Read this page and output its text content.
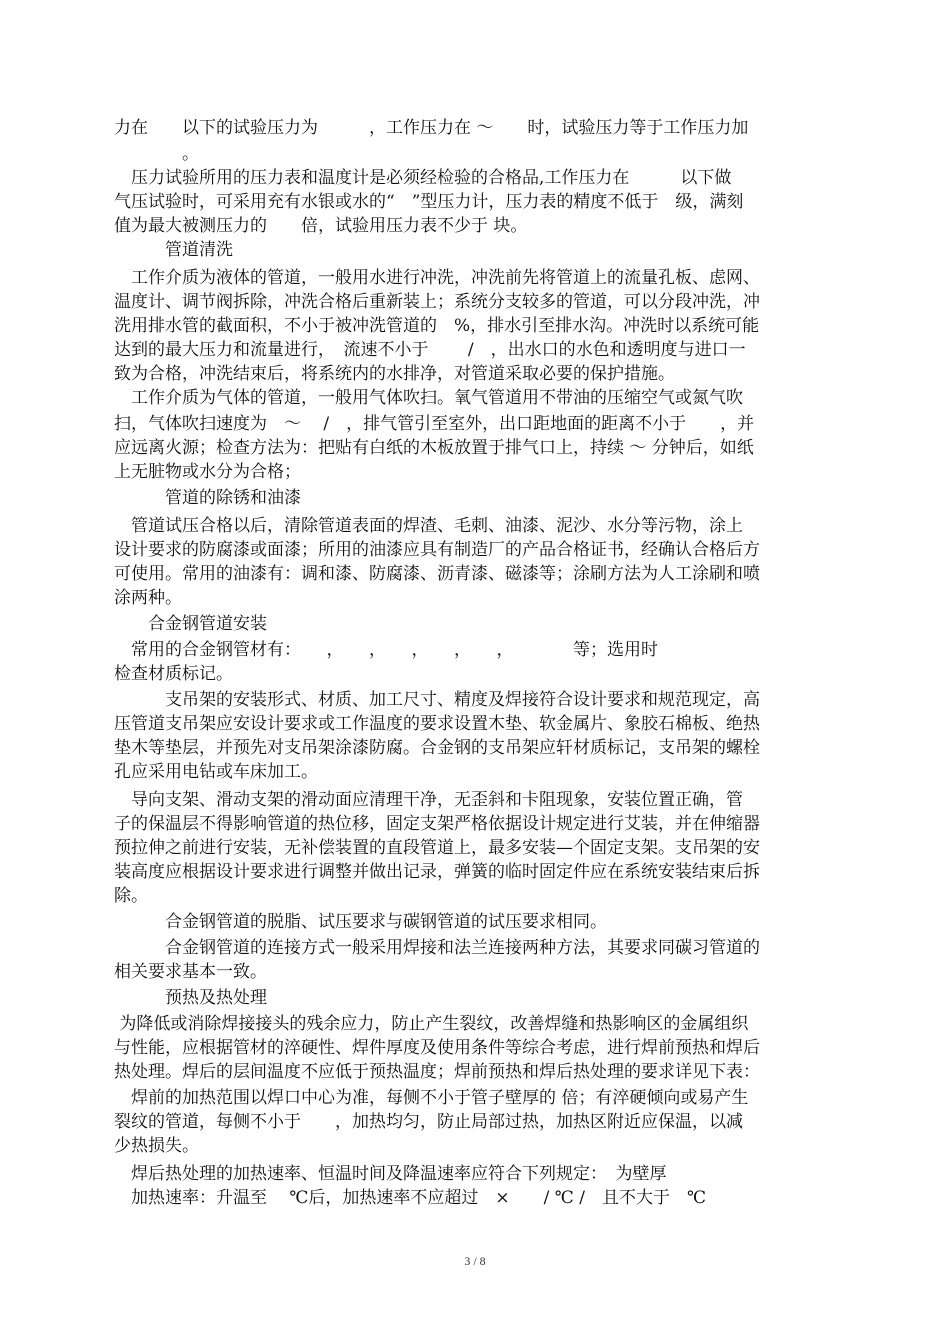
力在　　以下的试验压力为　　　，工作压力在 ～　　时，试验压力等于工作压力加
　　　　。
　压力试验所用的压力表和温度计是必须经检验的合格品,工作压力在　　　以下做
气压试验时，可采用充有水银或水的“　”型压力计，压力表的精度不低于　级，满刻
值为最大被测压力的　　倍，试验用压力表不少于 块。
　　　管道清洗
　工作介质为液体的管道，一般用水进行冲洗，冲洗前先将管道上的流量孔板、虑网、
温度计、调节阀拆除，冲洗合格后重新装上；系统分支较多的管道，可以分段冲洗，冲
洗用排水管的截面积，不小于被冲洗管道的　%，排水引至排水沟。冲洗时以系统可能
达到的最大压力和流量进行，　流速不小于　　 /　，出水口的水色和透明度与进口一
致为合格，冲洗结束后，将系统内的水排净，对管道采取必要的保护措施。
　工作介质为气体的管道，一般用气体吹扫。氧气管道用不带油的压缩空气或氮气吹
扫，气体吹扫速度为　～　 /　，排气管引至室外，出口距地面的距离不小于　　，并
应远离火源；检查方法为：把贴有白纸的木板放置于排气口上，持续 ～ 分钟后，如纸
上无脏物或水分为合格；
　　　管道的除锈和油漆
　管道试压合格以后，清除管道表面的焊渣、毛刺、油漆、泥沙、水分等污物，涂上
设计要求的防腐漆或面漆；所用的油漆应具有制造厂的产品合格证书，经确认合格后方
可使用。常用的油漆有：调和漆、防腐漆、沥青漆、磁漆等；涂刷方法为人工涂刷和喷
涂两种。
　　合金钢管道安装
　常用的合金钢管材有：　　，　　，　　，　　，　　，　　　　等；选用时
检查材质标记。
　　　支吊架的安装形式、材质、加工尺寸、精度及焊接符合设计要求和规范现定，高
压管道支吊架应安设计要求或工作温度的要求设置木垫、软金属片、象胶石棉板、绝热
垫木等垫层，并预先对支吊架涂漆防腐。合金钢的支吊架应轩材质标记，支吊架的螺栓
孔应采用电钻或车床加工。
　导向支架、滑动支架的滑动面应清理干净，无歪斜和卡阻现象，安装位置正确，管
子的保温层不得影响管道的热位移，固定支架严格依据设计规定进行艾装，并在伸缩器
预拉伸之前进行安装，无补偿装置的直段管道上，最多安装—个固定支架。支吊架的安
装高度应根据设计要求进行调整并做出记录，弹簧的临时固定件应在系统安装结束后拆
除。
　　　合金钢管道的脱脂、试压要求与碳钢管道的试压要求相同。
　　　合金钢管道的连接方式一般采用焊接和法兰连接两种方法，其要求同碳习管道的
相关要求基本一致。
　　　预热及热处理
为降低或消除焊接接头的残余应力，防止产生裂纹，改善焊缝和热影响区的金属组织
与性能，应根据管材的淬硬性、焊件厚度及使用条件等综合考虑，进行焊前预热和焊后
热处理。焊后的层间温度不应低于预热温度；焊前预热和焊后热处理的要求详见下表：
　焊前的加热范围以焊口中心为准，每侧不小于管子壁厚的 倍；有淬硬倾向或易产生
裂纹的管道，每侧不小于　　，加热均匀，防止局部过热，加热区附近应保温，以减
少热损失。
　焊后热处理的加热速率、恒温时间及降温速率应符合下列规定：　为壁厚
　加热速率：升温至　 ℃后，加热速率不应超过　×　　/ ℃ /　且不大于　℃
3 / 8
